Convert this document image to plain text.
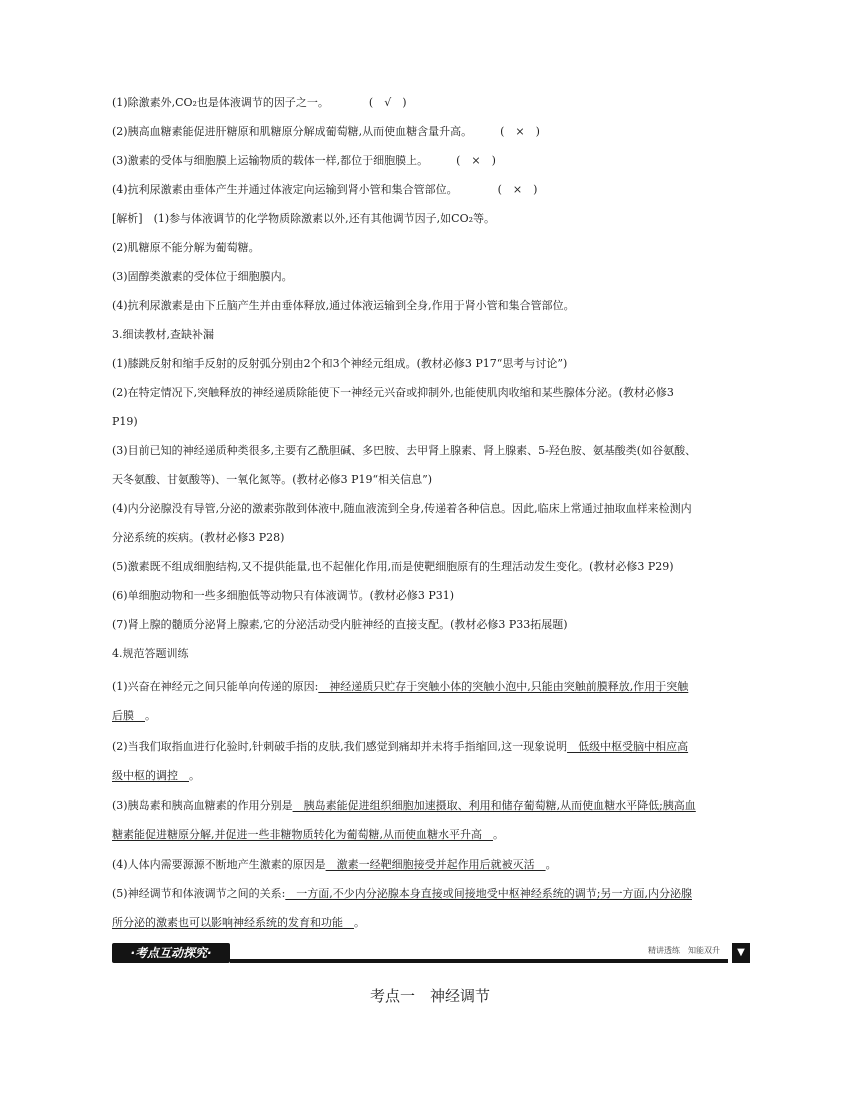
(1)除激素外,CO₂也是体液调节的因子之一。	(　√　)
(2)胰高血糖素能促进肝糖原和肌糖原分解成葡萄糖,从而使血糖含量升高。	(　×　)
(3)激素的受体与细胞膜上运输物质的载体一样,都位于细胞膜上。	(　×　)
(4)抗利尿激素由垂体产生并通过体液定向运输到肾小管和集合管部位。	(　×　)
[解析]　(1)参与体液调节的化学物质除激素以外,还有其他调节因子,如CO₂等。
(2)肌糖原不能分解为葡萄糖。
(3)固醇类激素的受体位于细胞膜内。
(4)抗利尿激素是由下丘脑产生并由垂体释放,通过体液运输到全身,作用于肾小管和集合管部位。
3.细读教材,查缺补漏
(1)膝跳反射和缩手反射的反射弧分别由2个和3个神经元组成。(教材必修3 P17“思考与讨论”)
(2)在特定情况下,突触释放的神经递质除能使下一神经元兴奋或抑制外,也能使肌肉收缩和某些腺体分泌。(教材必修3
P19)
(3)目前已知的神经递质种类很多,主要有乙酰胆碱、多巴胺、去甲肾上腺素、肾上腺素、5-羟色胺、氨基酸类(如谷氨酸、
天冬氨酸、甘氨酸等)、一氧化氮等。(教材必修3 P19“相关信息”)
(4)内分泌腺没有导管,分泌的激素弥散到体液中,随血液流到全身,传递着各种信息。因此,临床上常通过抽取血样来检测内
分泌系统的疾病。(教材必修3 P28)
(5)激素既不组成细胞结构,又不提供能量,也不起催化作用,而是使靶细胞原有的生理活动发生变化。(教材必修3 P29)
(6)单细胞动物和一些多细胞低等动物只有体液调节。(教材必修3 P31)
(7)肾上腺的髓质分泌肾上腺素,它的分泌活动受内脏神经的直接支配。(教材必修3 P33拓展题)
4.规范答题训练
(1)兴奋在神经元之间只能单向传递的原因:　神经递质只贮存于突触小体的突触小泡中,只能由突触前膜释放,作用于突触
后膜　。
(2)当我们取指血进行化验时,针刺破手指的皮肤,我们感觉到痛却并未将手指缩回,这一现象说明　低级中枢受脑中相应高
级中枢的调控　。
(3)胰岛素和胰高血糖素的作用分别是　胰岛素能促进组织细胞加速摄取、利用和储存葡萄糖,从而使血糖水平降低;胰高血
糖素能促进糖原分解,并促进一些非糖物质转化为葡萄糖,从而使血糖水平升高　。
(4)人体内需要源源不断地产生激素的原因是　激素一经靶细胞接受并起作用后就被灭活　。
(5)神经调节和体液调节之间的关系:　一方面,不少内分泌腺本身直接或间接地受中枢神经系统的调节;另一方面,内分泌腺
所分泌的激素也可以影响神经系统的发育和功能　。
·考点互动探究·	精讲透练　知能双升	▼
考点一　神经调节
